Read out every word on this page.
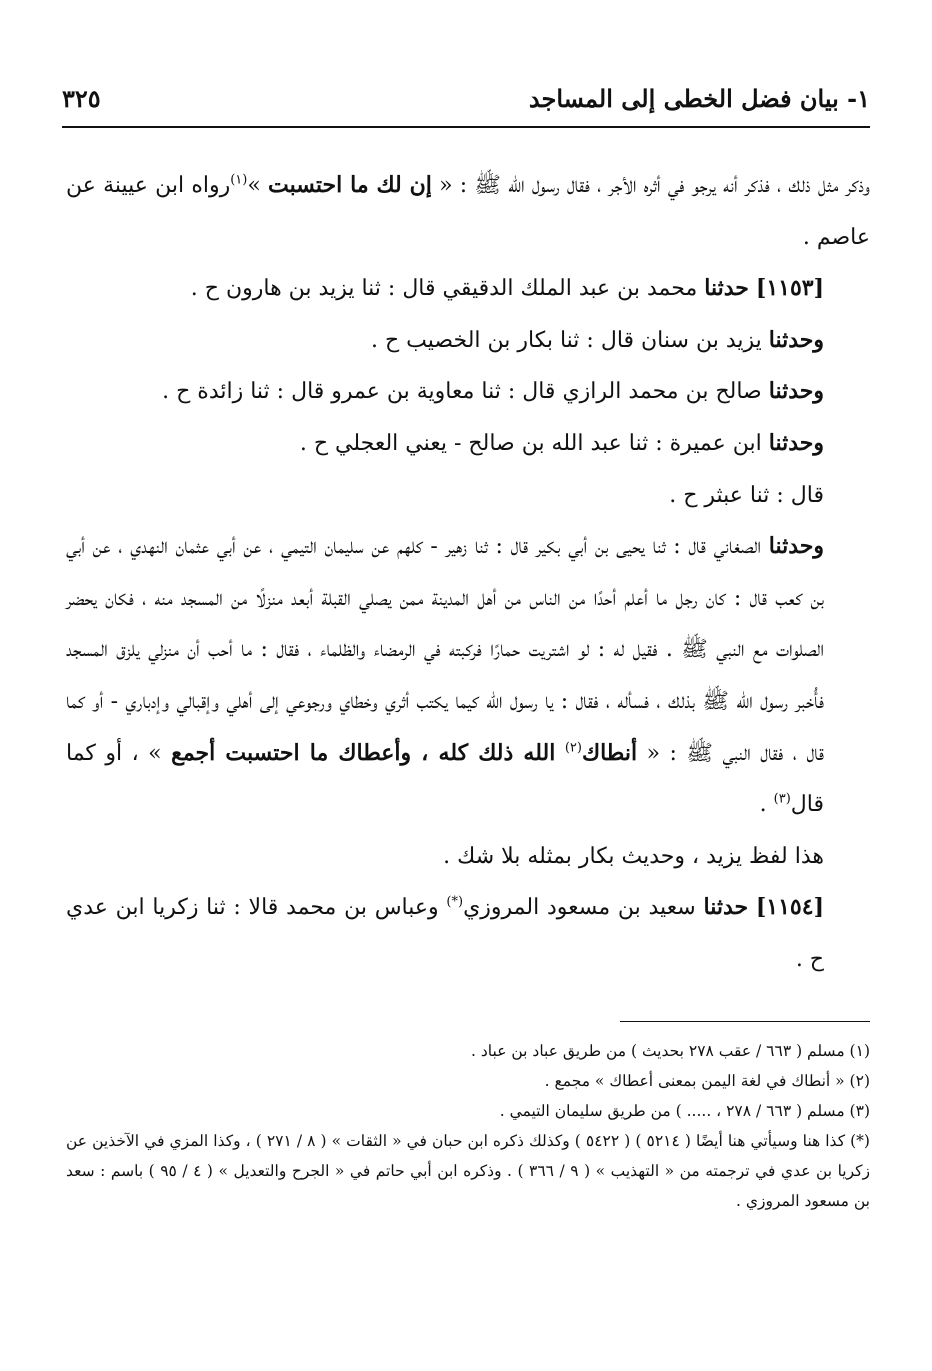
١- بيان فضل الخطى إلى المساجد
٣٢٥

وذكر مثل ذلك ، فذكر أنه يرجو في أثره الأجر ، فقال رسول الله ﷺ : « إن لك ما احتسبت »$^{(١)}$رواه ابن عيينة عن عاصم .

[١١٥٣] حدثنا محمد بن عبد الملك الدقيقي قال : ثنا يزيد بن هارون ح .

وحدثنا يزيد بن سنان قال : ثنا بكار بن الخصيب ح .

وحدثنا صالح بن محمد الرازي قال : ثنا معاوية بن عمرو قال : ثنا زائدة ح .

وحدثنا ابن عميرة : ثنا عبد الله بن صالح - يعني العجلي ح .

قال : ثنا عبثر ح .

وحدثنا الصغاني قال : ثنا يحيى بن أبي بكير قال : ثنا زهير - كلهم عن سليمان التيمي ، عن أبي عثمان النهدي ، عن أبي بن كعب قال : كان رجل ما أعلم أحدًا من الناس من أهل المدينة ممن يصلي القبلة أبعد منزلًا من المسجد منه ، فكان يحضر الصلوات مع النبي ﷺ . فقيل له : لو اشتريت حمارًا فركبته في الرمضاء والظلماء ، فقال : ما أحب أن منزلي يلزق المسجد فأُخبر رسول الله ﷺ بذلك ، فسأله ، فقال : يا رسول الله كيما يكتب أثري وخطاي ورجوعي إلى أهلي وإقبالي وإدباري - أو كما قال ، فقال النبي ﷺ : « أنطاك$^{(٢)}$ الله ذلك كله ، وأعطاك ما احتسبت أجمع » ، أو كما قال$^{(٣)}$ .

هذا لفظ يزيد ، وحديث بكار بمثله بلا شك .

[١١٥٤] حدثنا سعيد بن مسعود المروزي(*) وعباس بن محمد قالا : ثنا زكريا ابن عدي ح .

(١) مسلم ( ٦٦٣ / عقب ٢٧٨ بحديث ) من طريق عباد بن عباد .

(٢) « أنطاك في لغة اليمن بمعنى أعطاك » مجمع .

(٣) مسلم ( ٦٦٣ / ٢٧٨ ، ..... ) من طريق سليمان التيمي .

(*) كذا هنا وسيأتي هنا أيضًا ( ٥٢١٤ ) ( ٥٤٢٢ ) وكذلك ذكره ابن حبان في « الثقات » ( ٨ / ٢٧١ ) ، وكذا المزي في الآخذين عن زكريا بن عدي في ترجمته من « التهذيب » ( ٩ / ٣٦٦ ) . وذكره ابن أبي حاتم في « الجرح والتعديل » ( ٤ / ٩٥ ) باسم : سعد بن مسعود المروزي .
